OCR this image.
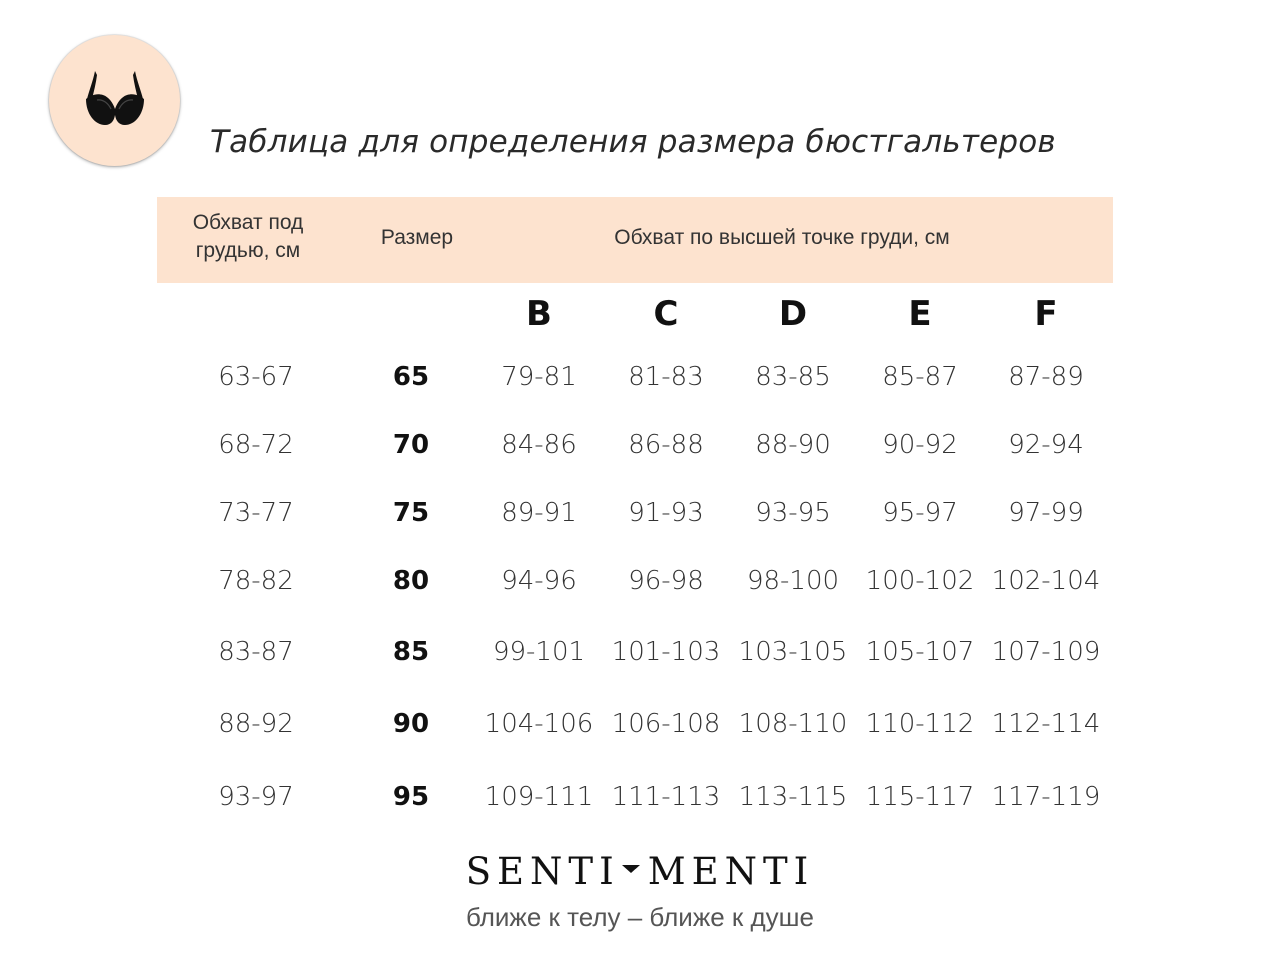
Таблица для определения размера бюстгальтеров
Обхват под
грудью, см
Размер	Обхват по высшей точке груди, см
B	C	D	E	F
63-67	65	79-81	81-83	83-85	85-87	87-89
68-72	70	84-86	86-88	88-90	90-92	92-94
73-77	75	89-91	91-93	93-95	95-97	97-99
78-82	80	94-96	96-98	98-100	100-102 102-104
83-87	85	99-101	101-103 103-105 105-107 107-109
88-92	90	104-106 106-108 108-110 110-112 112-114
93-97	95	109-111 111-113 113-115 115-117 117-119
SENTI MENTI
ближе к телу – ближе к душе
